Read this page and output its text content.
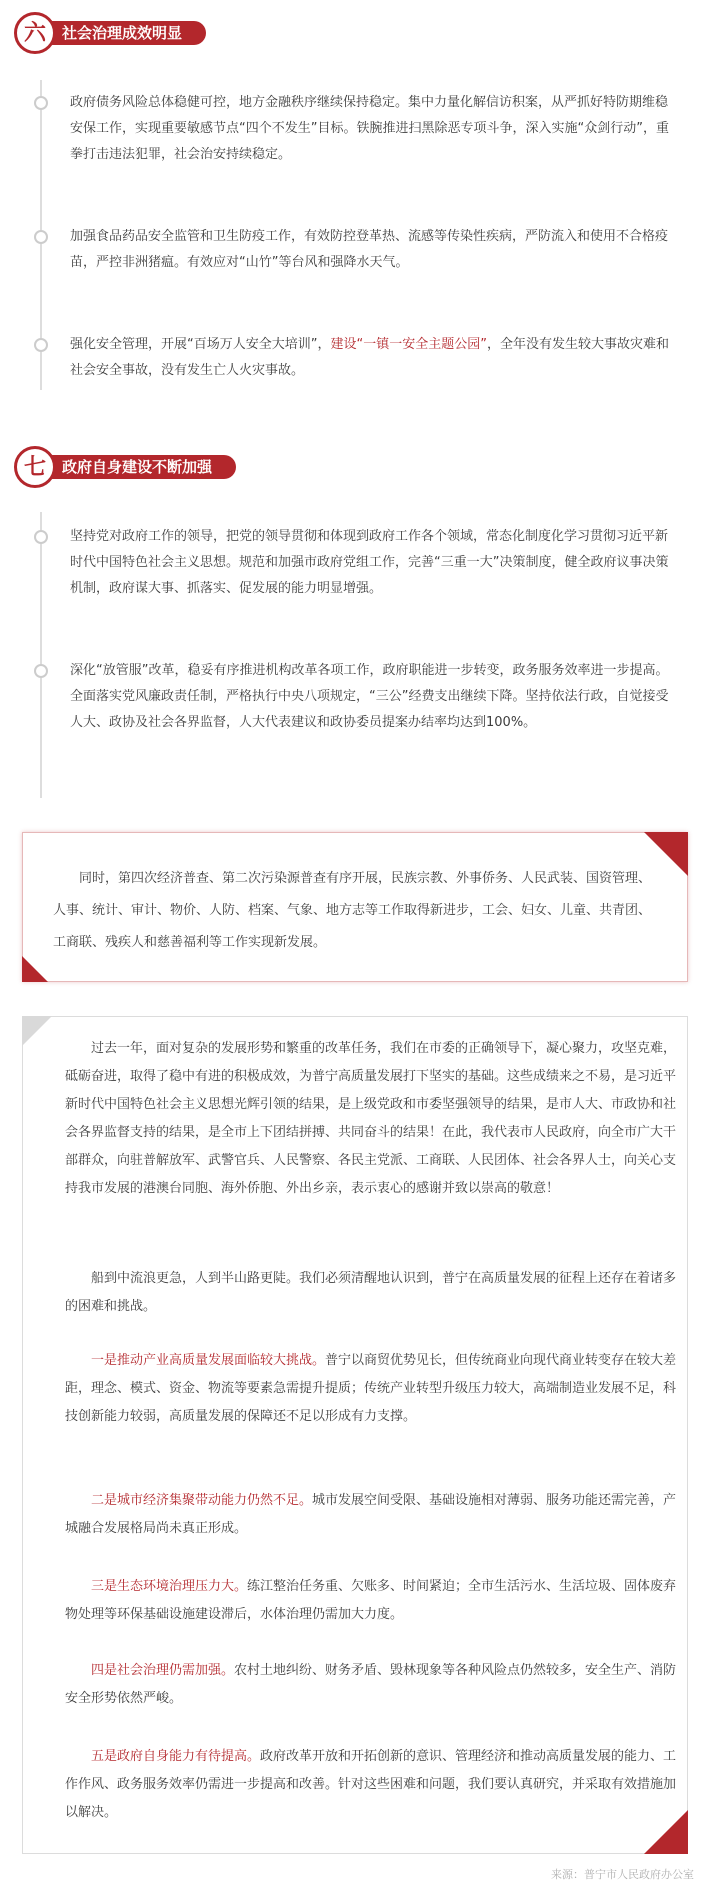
社会治理成效明显
六
政府债务风险总体稳健可控，地方金融秩序继续保持稳定。集中力量化解信访积案，从严抓好特防期维稳安保工作，实现重要敏感节点“四个不发生”目标。铁腕推进扫黑除恶专项斗争，深入实施“众剑行动”，重拳打击违法犯罪，社会治安持续稳定。
加强食品药品安全监管和卫生防疫工作，有效防控登革热、流感等传染性疾病，严防流入和使用不合格疫苗，严控非洲猪瘟。有效应对“山竹”等台风和强降水天气。
强化安全管理，开展“百场万人安全大培训”，建设“一镇一安全主题公园”，全年没有发生较大事故灾难和社会安全事故，没有发生亡人火灾事故。
政府自身建设不断加强
七
坚持党对政府工作的领导，把党的领导贯彻和体现到政府工作各个领域，常态化制度化学习贯彻习近平新时代中国特色社会主义思想。规范和加强市政府党组工作，完善“三重一大”决策制度，健全政府议事决策机制，政府谋大事、抓落实、促发展的能力明显增强。
深化“放管服”改革，稳妥有序推进机构改革各项工作，政府职能进一步转变，政务服务效率进一步提高。全面落实党风廉政责任制，严格执行中央八项规定，“三公”经费支出继续下降。坚持依法行政，自觉接受人大、政协及社会各界监督，人大代表建议和政协委员提案办结率均达到100%。
同时，第四次经济普查、第二次污染源普查有序开展，民族宗教、外事侨务、人民武装、国资管理、人事、统计、审计、物价、人防、档案、气象、地方志等工作取得新进步，工会、妇女、儿童、共青团、工商联、残疾人和慈善福利等工作实现新发展。
过去一年，面对复杂的发展形势和繁重的改革任务，我们在市委的正确领导下，凝心聚力，攻坚克难，砥砺奋进，取得了稳中有进的积极成效，为普宁高质量发展打下坚实的基础。这些成绩来之不易，是习近平新时代中国特色社会主义思想光辉引领的结果，是上级党政和市委坚强领导的结果，是市人大、市政协和社会各界监督支持的结果，是全市上下团结拼搏、共同奋斗的结果！在此，我代表市人民政府，向全市广大干部群众，向驻普解放军、武警官兵、人民警察、各民主党派、工商联、人民团体、社会各界人士，向关心支持我市发展的港澳台同胞、海外侨胞、外出乡亲，表示衷心的感谢并致以崇高的敬意！
船到中流浪更急，人到半山路更陡。我们必须清醒地认识到，普宁在高质量发展的征程上还存在着诸多的困难和挑战。
一是推动产业高质量发展面临较大挑战。普宁以商贸优势见长，但传统商业向现代商业转变存在较大差距，理念、模式、资金、物流等要素急需提升提质；传统产业转型升级压力较大，高端制造业发展不足，科技创新能力较弱，高质量发展的保障还不足以形成有力支撑。
二是城市经济集聚带动能力仍然不足。城市发展空间受限、基础设施相对薄弱、服务功能还需完善，产城融合发展格局尚未真正形成。
三是生态环境治理压力大。练江整治任务重、欠账多、时间紧迫；全市生活污水、生活垃圾、固体废弃物处理等环保基础设施建设滞后，水体治理仍需加大力度。
四是社会治理仍需加强。农村土地纠纷、财务矛盾、毁林现象等各种风险点仍然较多，安全生产、消防安全形势依然严峻。
五是政府自身能力有待提高。政府改革开放和开拓创新的意识、管理经济和推动高质量发展的能力、工作作风、政务服务效率仍需进一步提高和改善。针对这些困难和问题，我们要认真研究，并采取有效措施加以解决。
来源：普宁市人民政府办公室
